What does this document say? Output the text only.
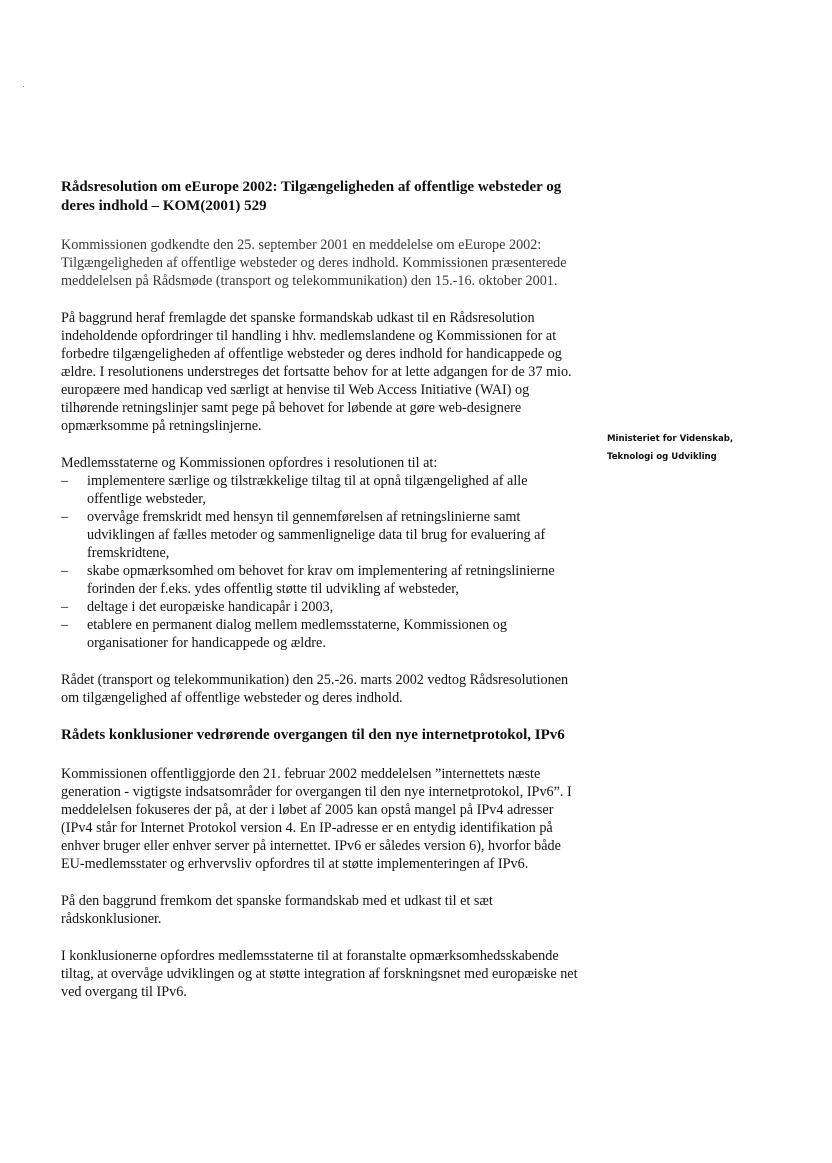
Rådsresolution om eEurope 2002: Tilgængeligheden af offentlige websteder og deres indhold – KOM(2001) 529

Kommissionen godkendte den 25. september 2001 en meddelelse om eEurope 2002: Tilgængeligheden af offentlige websteder og deres indhold. Kommissionen præsenterede meddelelsen på Rådsmøde (transport og telekommunikation) den 15.-16. oktober 2001.

På baggrund heraf fremlagde det spanske formandskab udkast til en Rådsresolution indeholdende opfordringer til handling i hhv. medlemslandene og Kommissionen for at forbedre tilgængeligheden af offentlige websteder og deres indhold for handicappede og ældre. I resolutionens understreges det fortsatte behov for at lette adgangen for de 37 mio. europæere med handicap ved særligt at henvise til Web Access Initiative (WAI) og tilhørende retningslinjer samt pege på behovet for løbende at gøre web-designere opmærksomme på retningslinjerne.

Medlemsstaterne og Kommissionen opfordres i resolutionen til at:

– implementere særlige og tilstrækkelige tiltag til at opnå tilgængelighed af alle offentlige websteder,
– overvåge fremskridt med hensyn til gennemførelsen af retningslinierne samt udviklingen af fælles metoder og sammenlignelige data til brug for evaluering af fremskridtene,
– skabe opmærksomhed om behovet for krav om implementering af retningslinierne forinden der f.eks. ydes offentlig støtte til udvikling af websteder,
– deltage i det europæiske handicapår i 2003,
– etablere en permanent dialog mellem medlemsstaterne, Kommissionen og organisationer for handicappede og ældre.

Rådet (transport og telekommunikation) den 25.-26. marts 2002 vedtog Rådsresolutionen om tilgængelighed af offentlige websteder og deres indhold.

Rådets konklusioner vedrørende overgangen til den nye internetprotokol, IPv6

Kommissionen offentliggjorde den 21. februar 2002 meddelelsen ”internettets næste generation - vigtigste indsatsområder for overgangen til den nye internetprotokol, IPv6”. I meddelelsen fokuseres der på, at der i løbet af 2005 kan opstå mangel på IPv4 adresser (IPv4 står for Internet Protokol version 4. En IP-adresse er en entydig identifikation på enhver bruger eller enhver server på internettet. IPv6 er således version 6), hvorfor både EU-medlemsstater og erhvervsliv opfordres til at støtte implementeringen af IPv6.

På den baggrund fremkom det spanske formandskab med et udkast til et sæt rådskonklusioner.

I konklusionerne opfordres medlemsstaterne til at foranstalte opmærksomhedsskabende tiltag, at overvåge udviklingen og at støtte integration af forskningsnet med europæiske net ved overgang til IPv6.

Ministeriet for Videnskab,
Teknologi og Udvikling
